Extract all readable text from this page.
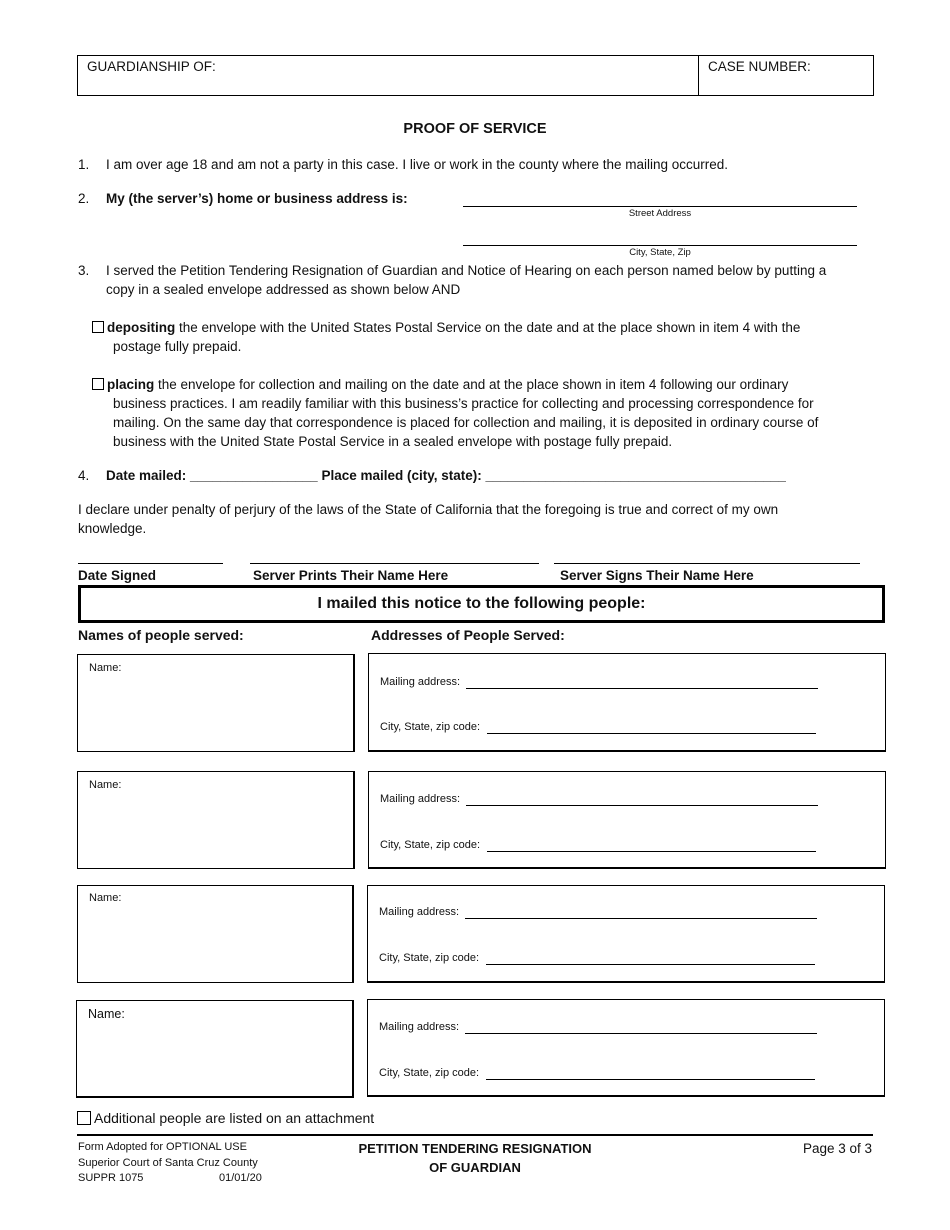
GUARDIANSHIP OF:	CASE NUMBER:
PROOF OF SERVICE
1. I am over age 18 and am not a party in this case. I live or work in the county where the mailing occurred.
2. My (the server’s) home or business address is:
Street Address
City, State, Zip
3. I served the Petition Tendering Resignation of Guardian and Notice of Hearing on each person named below by putting a
copy in a sealed envelope addressed as shown below AND
depositing the envelope with the United States Postal Service on the date and at the place shown in item 4 with the
postage fully prepaid.
placing the envelope for collection and mailing on the date and at the place shown in item 4 following our ordinary
business practices. I am readily familiar with this business’s practice for collecting and processing correspondence for
mailing. On the same day that correspondence is placed for collection and mailing, it is deposited in ordinary course of
business with the United State Postal Service in a sealed envelope with postage fully prepaid.
4. Date mailed: _________________ Place mailed (city, state): ________________________________________
I declare under penalty of perjury of the laws of the State of California that the foregoing is true and correct of my own
knowledge.
Date Signed	Server Prints Their Name Here	Server Signs Their Name Here
I mailed this notice to the following people:
Names of people served:	Addresses of People Served:
Name:
Mailing address:
City, State, zip code:
Name:
Mailing address:
City, State, zip code:
Name:
Mailing address:
City, State, zip code:
Name:
Mailing address:
City, State, zip code:
Additional people are listed on an attachment
Form Adopted for OPTIONAL USE
Superior Court of Santa Cruz County
SUPPR 1075	01/01/20
PETITION TENDERING RESIGNATION
OF GUARDIAN
Page 3 of 3
